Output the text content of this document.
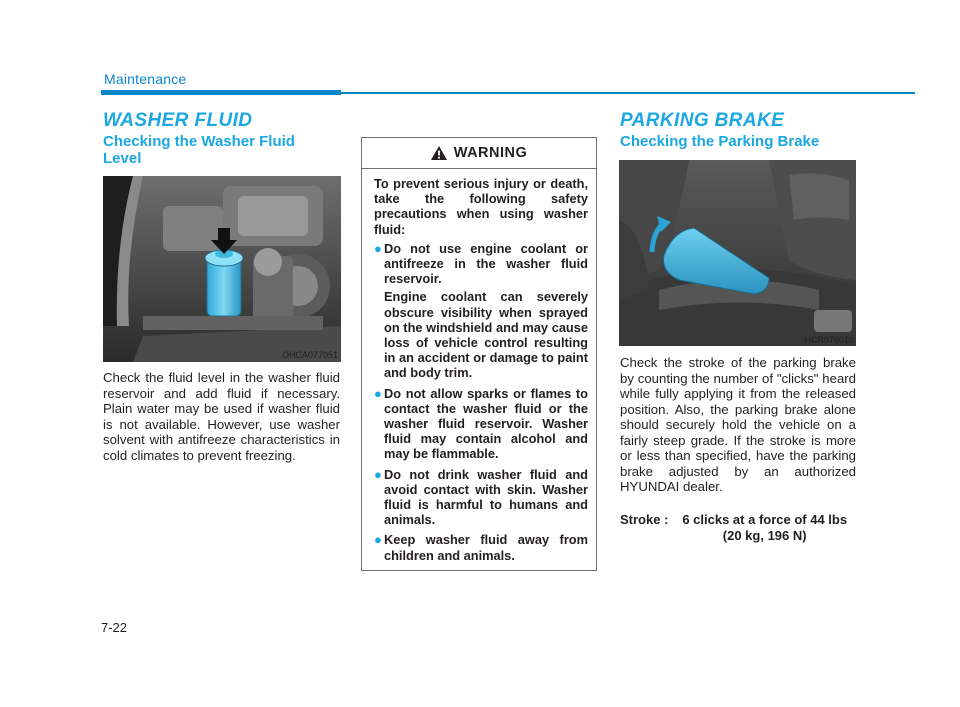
Maintenance
WASHER FLUID
Checking the Washer Fluid Level
OHCA077051
Check the fluid level in the washer fluid reservoir and add fluid if necessary. Plain water may be used if washer fluid is not available. However, use washer solvent with antifreeze characteristics in cold climates to prevent freezing.
WARNING

To prevent serious injury or death, take the following safety precautions when using washer fluid:

● Do not use engine coolant or antifreeze in the washer fluid reservoir.

Engine coolant can severely obscure visibility when sprayed on the windshield and may cause loss of vehicle control resulting in an accident or damage to paint and body trim.

● Do not allow sparks or flames to contact the washer fluid or the washer fluid reservoir. Washer fluid may contain alcohol and may be flammable.

● Do not drink washer fluid and avoid contact with skin. Washer fluid is harmful to humans and animals.

● Keep washer fluid away from children and animals.

PARKING BRAKE
Checking the Parking Brake
HCR076010
Check the stroke of the parking brake by counting the number of "clicks" heard while fully applying it from the released position. Also, the parking brake alone should securely hold the vehicle on a fairly steep grade. If the stroke is more or less than specified, have the parking brake adjusted by an authorized HYUNDAI dealer.
Stroke :	6 clicks at a force of 44 lbs (20 kg, 196 N)
7-22
